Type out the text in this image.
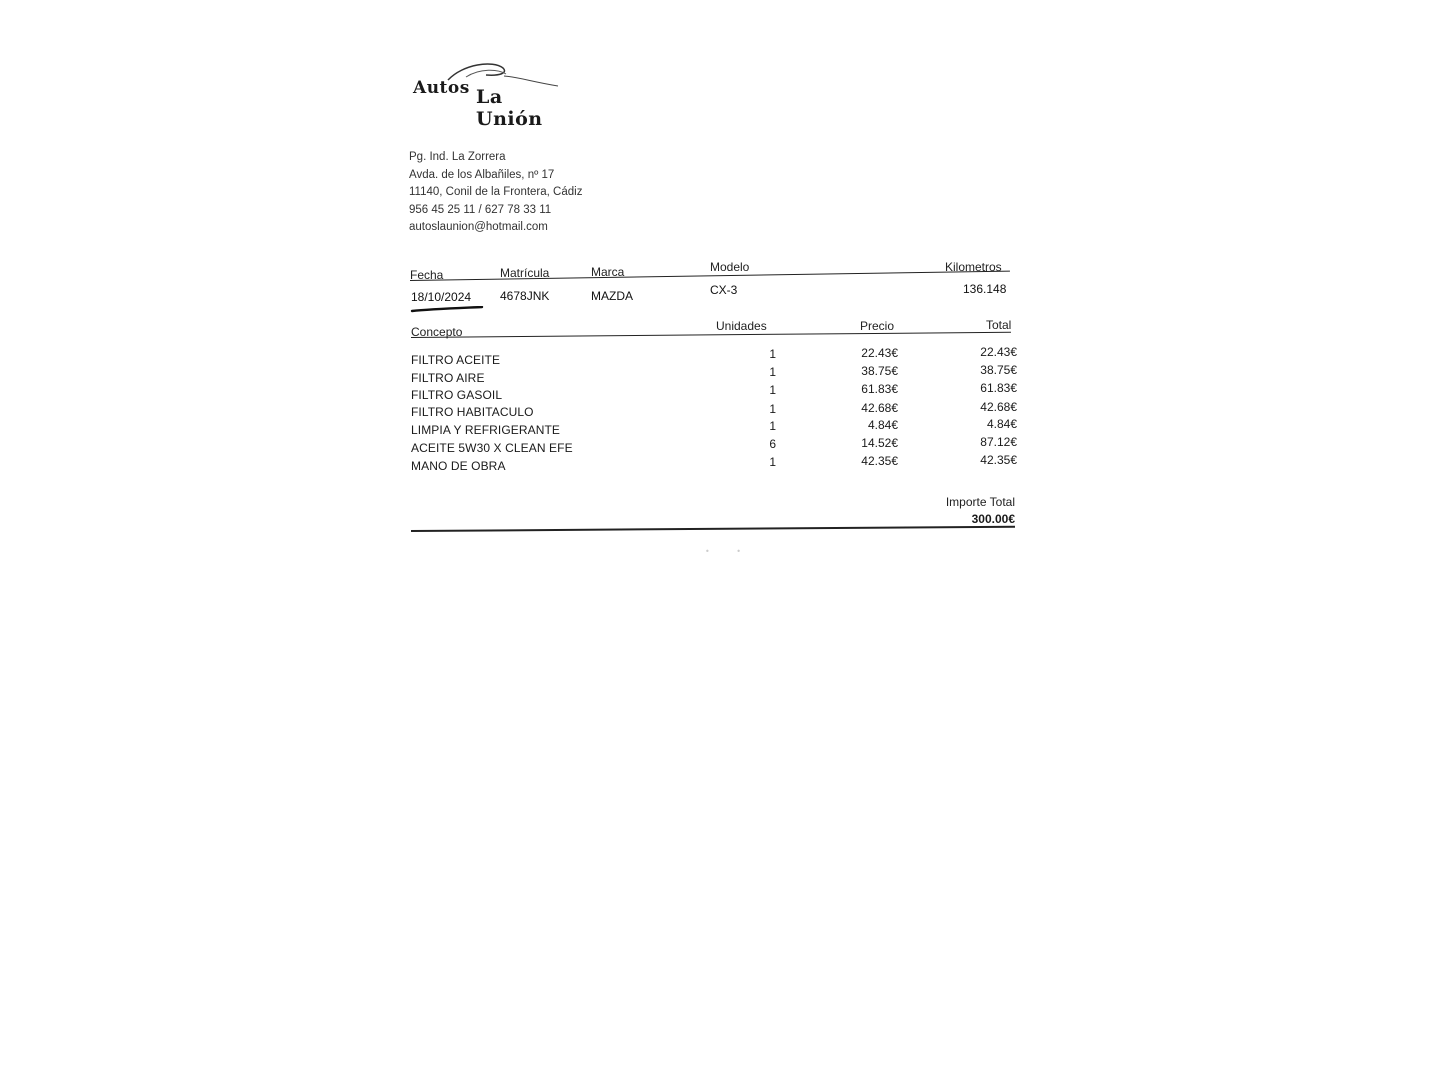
Autos La Unión
Pg. Ind. La Zorrera
Avda. de los Albañiles, nº 17
11140, Conil de la Frontera, Cádiz
956 45 25 11 / 627 78 33 11
autoslaunion@hotmail.com
Fecha	Matrícula	Marca	Modelo	Kilometros
18/10/2024 4678JNK	MAZDA	CX-3	136.148
Concepto	Unidades	Precio	Total
FILTRO ACEITE	1	22.43€	22.43€
FILTRO AIRE	1	38.75€	38.75€
FILTRO GASOIL	1	61.83€	61.83€
FILTRO HABITACULO	1	42.68€	42.68€
LIMPIA Y REFRIGERANTE	1	4.84€	4.84€
ACEITE 5W30 X CLEAN EFE	6	14.52€	87.12€
MANO DE OBRA	1	42.35€	42.35€
Importe Total
300.00€
• •
